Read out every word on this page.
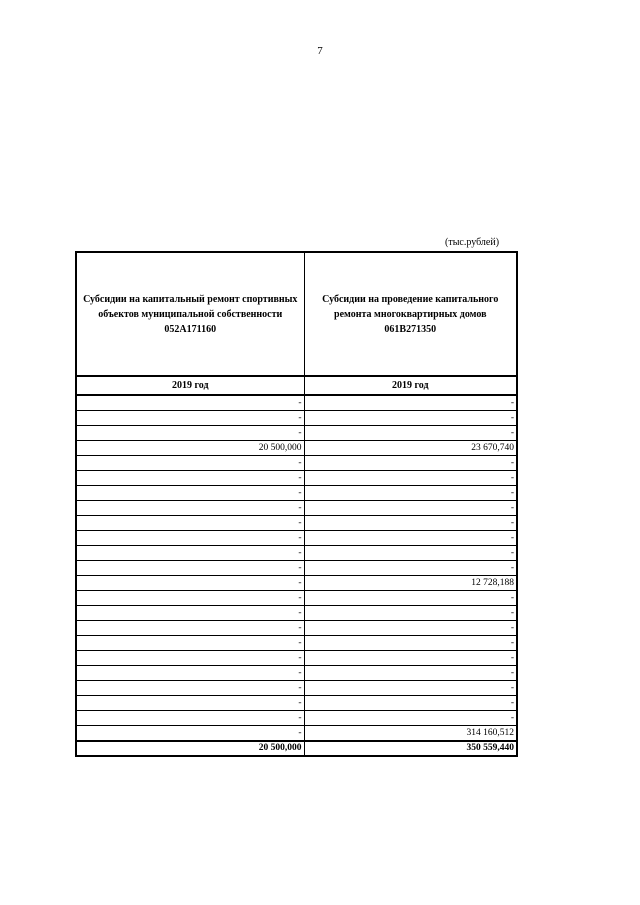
7
(тыс.рублей)
Субсидии на капитальный ремонт спортивных объектов муниципальной собственности 052А171160	Субсидии на проведение капитального ремонта многоквартирных домов 061В271350
2019 год	2019 год
-	-
-	-
-	-
20 500,000	23 670,740
-	-
-	-
-	-
-	-
-	-
-	-
-	-
-	-
-	12 728,188
-	-
-	-
-	-
-	-
-	-
-	-
-	-
-	-
-	-
-	314 160,512
20 500,000	350 559,440
